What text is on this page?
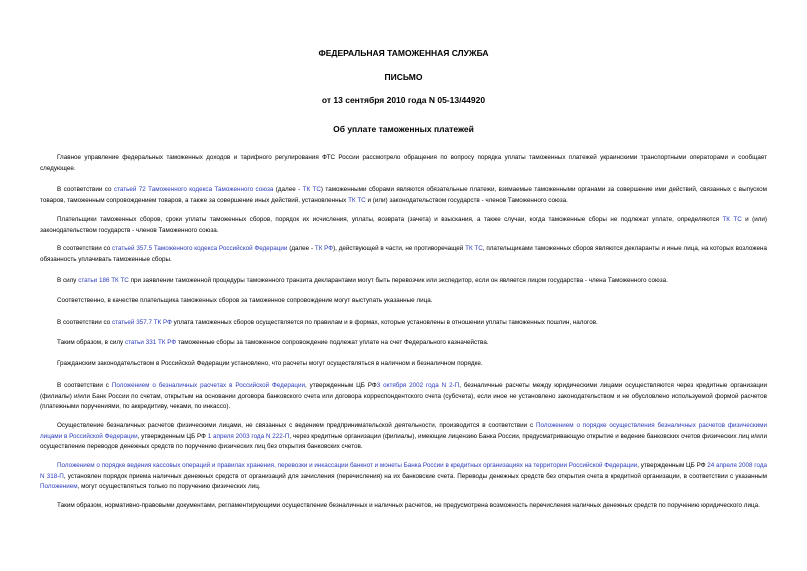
ФЕДЕРАЛЬНАЯ ТАМОЖЕННАЯ СЛУЖБА
ПИСЬМО
от 13 сентября 2010 года N 05-13/44920
Об уплате таможенных платежей

Главное управление федеральных таможенных доходов и тарифного регулирования ФТС России рассмотрело обращения по вопросу порядка уплаты таможенных платежей украинскими транспортными операторами и сообщает следующее.

В соответствии со статьей 72 Таможенного кодекса Таможенного союза (далее - ТК ТС) таможенными сборами являются обязательные платежи, взимаемые таможенными органами за совершение ими действий, связанных с выпуском товаров, таможенным сопровождением товаров, а также за совершение иных действий, установленных ТК ТС и (или) законодательством государств - членов Таможенного союза.

Плательщики таможенных сборов, сроки уплаты таможенных сборов, порядок их исчисления, уплаты, возврата (зачета) и взыскания, а также случаи, когда таможенные сборы не подлежат уплате, определяются ТК ТС и (или) законодательством государств - членов Таможенного союза.

В соответствии со статьей 357.5 Таможенного кодекса Российской Федерации (далее - ТК РФ), действующей в части, не противоречащей ТК ТС, плательщиками таможенных сборов являются декларанты и иные лица, на которых возложена обязанность уплачивать таможенные сборы.

В силу статьи 186 ТК ТС при заявлении таможенной процедуры таможенного транзита декларантами могут быть перевозчик или экспедитор, если он является лицом государства - члена Таможенного союза.

Соответственно, в качестве плательщика таможенных сборов за таможенное сопровождение могут выступать указанные лица.

В соответствии со статьей 357.7 ТК РФ уплата таможенных сборов осуществляется по правилам и в формах, которые установлены в отношении уплаты таможенных пошлин, налогов.

Таким образом, в силу статьи 331 ТК РФ таможенные сборы за таможенное сопровождение подлежат уплате на счет Федерального казначейства.

Гражданским законодательством в Российской Федерации установлено, что расчеты могут осуществляться в наличном и безналичном порядке.

В соответствии с Положением о безналичных расчетах в Российской Федерации, утвержденным ЦБ РФ3 октября 2002 года N 2-П, безналичные расчеты между юридическими лицами осуществляются через кредитные организации (филиалы) и/или Банк России по счетам, открытым на основании договора банковского счета или договора корреспондентского счета (субсчета), если иное не установлено законодательством и не обусловлено используемой формой расчетов (платежными поручениями, по аккредитиву, чеками, по инкассо).

Осуществление безналичных расчетов физическими лицами, не связанных с ведением предпринимательской деятельности, производится в соответствии с Положением о порядке осуществления безналичных расчетов физическими лицами в Российской Федерации, утвержденным ЦБ РФ 1 апреля 2003 года N 222-П, через кредитные организации (филиалы), имеющие лицензию Банка России, предусматривающую открытие и ведение банковских счетов физических лиц и/или осуществление переводов денежных средств по поручению физических лиц без открытия банковских счетов.

Положением о порядке ведения кассовых операций и правилах хранения, перевозки и инкассации банкнот и монеты Банка России в кредитных организациях на территории Российской Федерации, утвержденным ЦБ РФ 24 апреля 2008 года N 318-П, установлен порядок приема наличных денежных средств от организаций для зачисления (перечисления) на их банковские счета. Переводы денежных средств без открытия счета в кредитной организации, в соответствии с указанным Положением, могут осуществляться только по поручению физических лиц.

Таким образом, нормативно-правовыми документами, регламентирующими осуществление безналичных и наличных расчетов, не предусмотрена возможность перечисления наличных денежных средств по поручению юридического лица.
